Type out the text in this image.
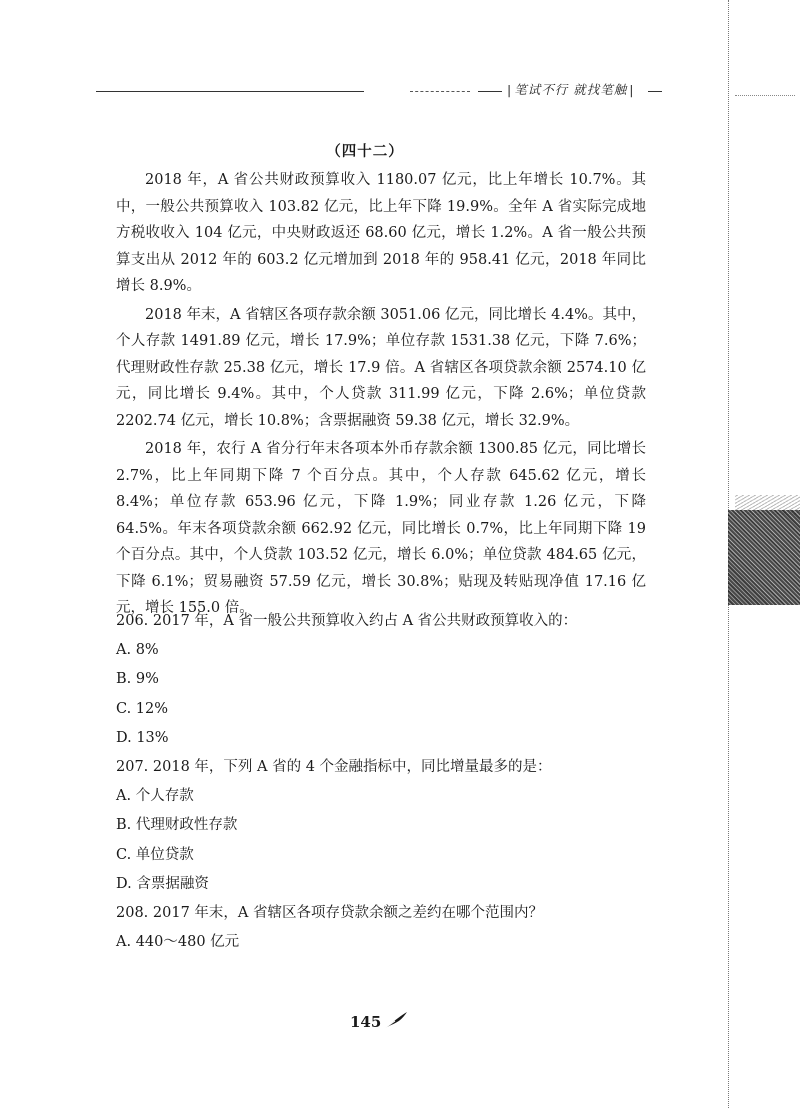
| 笔试不行 就找笔触 |
（四十二）

2018 年，A 省公共财政预算收入 1180.07 亿元，比上年增长 10.7%。其中，一般公共预算收入 103.82 亿元，比上年下降 19.9%。全年 A 省实际完成地方税收收入 104 亿元，中央财政返还 68.60 亿元，增长 1.2%。A 省一般公共预算支出从 2012 年的 603.2 亿元增加到 2018 年的 958.41 亿元，2018 年同比增长 8.9%。

2018 年末，A 省辖区各项存款余额 3051.06 亿元，同比增长 4.4%。其中，个人存款 1491.89 亿元，增长 17.9%；单位存款 1531.38 亿元，下降 7.6%；代理财政性存款 25.38 亿元，增长 17.9 倍。A 省辖区各项贷款余额 2574.10 亿元，同比增长 9.4%。其中，个人贷款 311.99 亿元，下降 2.6%；单位贷款 2202.74 亿元，增长 10.8%；含票据融资 59.38 亿元，增长 32.9%。

2018 年，农行 A 省分行年末各项本外币存款余额 1300.85 亿元，同比增长 2.7%，比上年同期下降 7 个百分点。其中，个人存款 645.62 亿元，增长 8.4%；单位存款 653.96 亿元，下降 1.9%；同业存款 1.26 亿元，下降 64.5%。年末各项贷款余额 662.92 亿元，同比增长 0.7%，比上年同期下降 19 个百分点。其中，个人贷款 103.52 亿元，增长 6.0%；单位贷款 484.65 亿元，下降 6.1%；贸易融资 57.59 亿元，增长 30.8%；贴现及转贴现净值 17.16 亿元，增长 155.0 倍。

206. 2017 年，A 省一般公共预算收入约占 A 省公共财政预算收入的：
A. 8%
B. 9%
C. 12%
D. 13%
207. 2018 年，下列 A 省的 4 个金融指标中，同比增量最多的是：
A. 个人存款
B. 代理财政性存款
C. 单位贷款
D. 含票据融资
208. 2017 年末，A 省辖区各项存贷款余额之差约在哪个范围内？
A. 440～480 亿元
145
